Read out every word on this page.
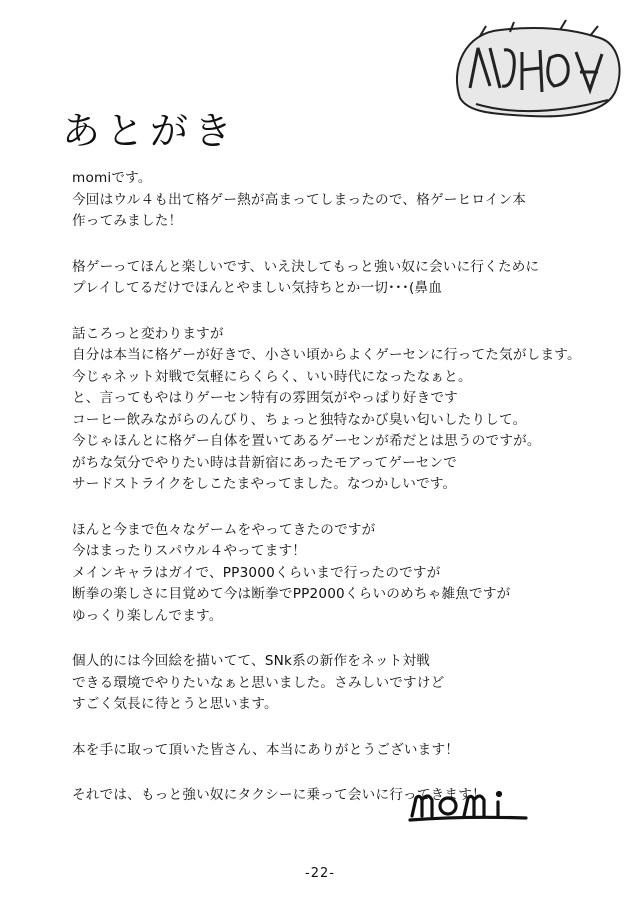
あとがき
momiです。
今回はウル４も出て格ゲー熱が高まってしまったので、格ゲーヒロイン本
作ってみました！
格ゲーってほんと楽しいです、いえ決してもっと強い奴に会いに行くために
プレイしてるだけでほんとやましい気持ちとか一切･･･(鼻血
話ころっと変わりますが
自分は本当に格ゲーが好きで、小さい頃からよくゲーセンに行ってた気がします。
今じゃネット対戦で気軽にらくらく、いい時代になったなぁと。
と、言ってもやはりゲーセン特有の雰囲気がやっぱり好きです
コーヒー飲みながらのんびり、ちょっと独特なかび臭い匂いしたりして。
今じゃほんとに格ゲー自体を置いてあるゲーセンが希だとは思うのですが。
がちな気分でやりたい時は昔新宿にあったモアってゲーセンで
サードストライクをしこたまやってました。なつかしいです。
ほんと今まで色々なゲームをやってきたのですが
今はまったりスパウル４やってます！
メインキャラはガイで、PP3000くらいまで行ったのですが
断拳の楽しさに目覚めて今は断拳でPP2000くらいのめちゃ雑魚ですが
ゆっくり楽しんでます。
個人的には今回絵を描いてて、SNk系の新作をネット対戦
できる環境でやりたいなぁと思いました。さみしいですけど
すごく気長に待とうと思います。
本を手に取って頂いた皆さん、本当にありがとうございます！
それでは、もっと強い奴にタクシーに乗って会いに行ってきます！
-22-
